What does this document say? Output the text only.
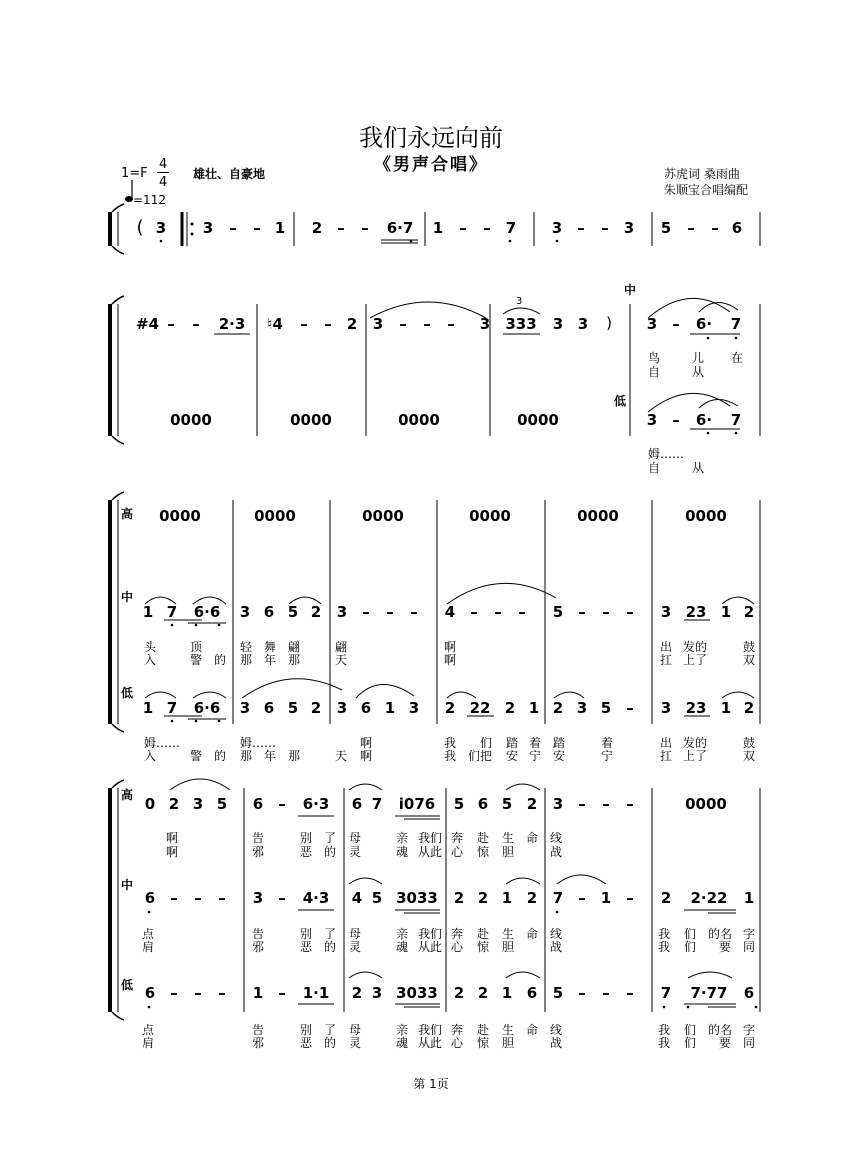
我们永远向前
《男声合唱》
1=F
4
4
=112
雄壮、自豪地	苏虎词 桑雨曲
朱顺宝合唱编配
( 3 3 – – 1 2 – –	6·7	1 – – 7 3 – – 3 5 – – 6
中
低
#4 – –	2·3	♮4 – – 2 3 – – – 3	333
3
3 3 ) 3 – 6· 7
鸟	儿 在
自	从
0000	0000	0000	0000	3 – 6· 7
姆……
自	从
高
中
低
0000	0000	0000	0000	0000	0000
1 7	6·6	3 6 5 2 3 – – – 4 – – – 5 – – – 3 23 1 2
头	顶	轻 舞 翩	翩	啊	出 发的	鼓
入	警 的 那 年 那	天	啊	扛 上了	双
1 7	6·6	3 6 5 2 3 6 1 3 2 22 2 1 2 3 5 – 3 23 1 2
姆……	姆……	啊	我 们 踏 着 踏	着	出 发的	鼓
入	警 的 那 年 那	天 啊	我 们把 安 宁 安	宁	扛 上了	双
高
中
低
0 2 3 5 6 –	6·3	6 7	i076	5 6 5 2 3 – – –	0000
啊	告	别 了 母	亲 我们 奔 赴 生 命 线
啊	邪	恶 的 灵	魂 从此 心 惊 胆	战
6 – – – 3 –	4·3	4 5 3033 2 2 1 2 7 – 1 – 2	2·22	1
点	告	别 了 母	亲 我们 奔 赴 生 命 线	我 们 的名 字
肩	邪	恶 的 灵	魂 从此 心 惊 胆	战	我 们 要 同
6 – – – 1 –	1·1	2 3 3033 2 2 1 6 5 – – – 7	7·77	6
点	告	别 了 母	亲 我们 奔 赴 生 命 线	我 们 的名 字
肩	邪	恶 的 灵	魂 从此 心 惊 胆	战	我 们 要 同
第 1页
